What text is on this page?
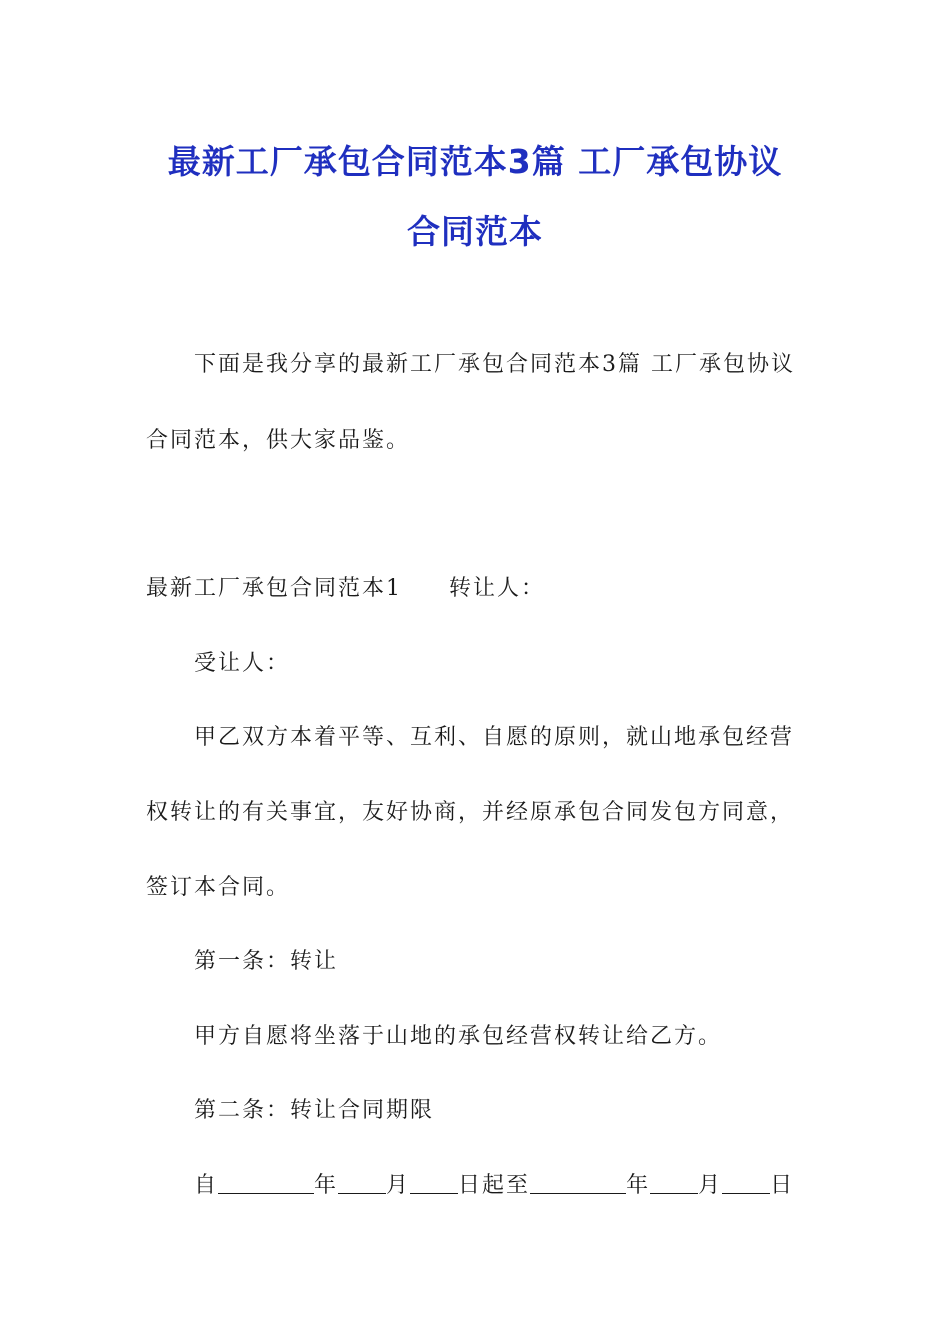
最新工厂承包合同范本3篇 工厂承包协议
合同范本
下面是我分享的最新工厂承包合同范本3篇 工厂承包协议
合同范本，供大家品鉴。
最新工厂承包合同范本1 转让人：
受让人：
甲乙双方本着平等、互利、自愿的原则，就山地承包经营
权转让的有关事宜，友好协商，并经原承包合同发包方同意，
签订本合同。
第一条：转让
甲方自愿将坐落于山地的承包经营权转让给乙方。
第二条：转让合同期限
自	年 月 日起至	年 月 日
